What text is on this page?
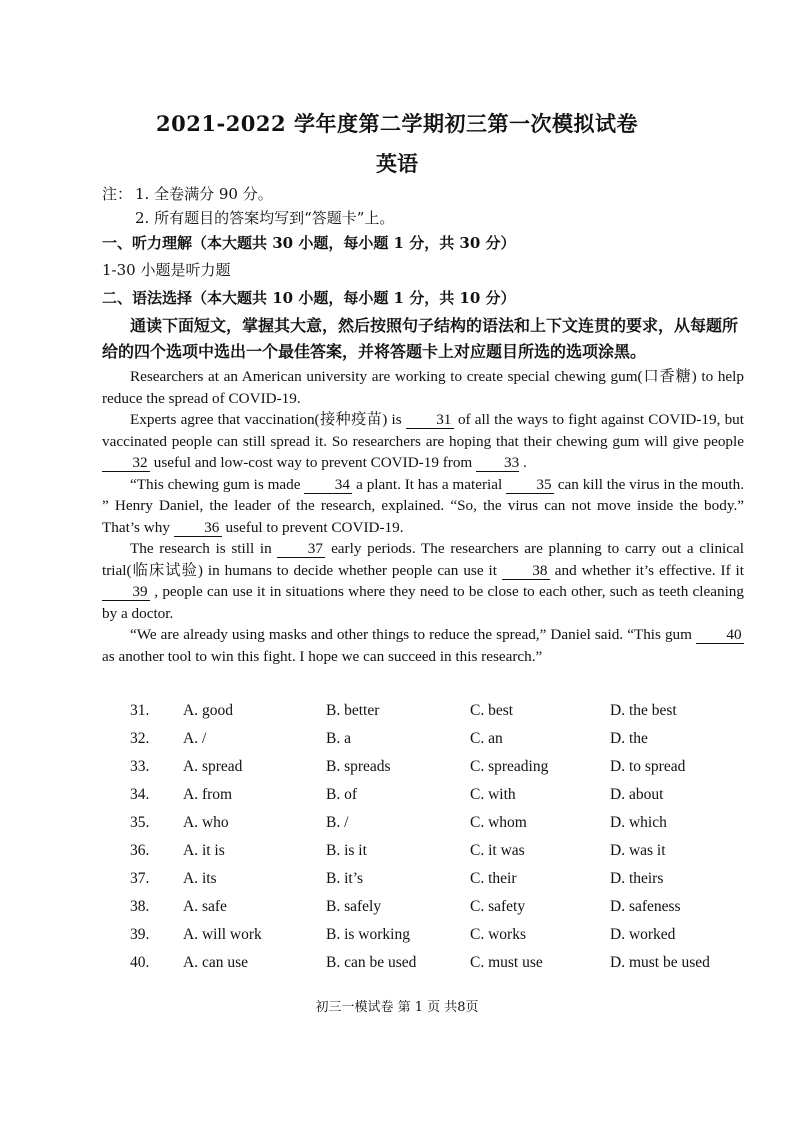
2021-2022 学年度第二学期初三第一次模拟试卷
英语
注： 1. 全卷满分 90 分。
2. 所有题目的答案均写到“答题卡”上。
一、听力理解（本大题共 30 小题，每小题 1 分，共 30 分）
1-30 小题是听力题
二、语法选择（本大题共 10 小题，每小题 1 分，共 10 分）
通读下面短文，掌握其大意，然后按照句子结构的语法和上下文连贯的要求，从每题所给的四个选项中选出一个最佳答案，并将答题卡上对应题目所选的选项涂黑。

Researchers at an American university are working to create special chewing gum(口香糖) to help reduce the spread of COVID-19.

Experts agree that vaccination(接种疫苗) is 31 of all the ways to fight against COVID-19, but vaccinated people can still spread it. So researchers are hoping that their chewing gum will give people 32 useful and low-cost way to prevent COVID-19 from 33 .

“This chewing gum is made 34 a plant. It has a material 35 can kill the virus in the mouth. ” Henry Daniel, the leader of the research, explained. “So, the virus can not move inside the body.” That’s why 36 useful to prevent COVID-19.

The research is still in 37 early periods. The researchers are planning to carry out a clinical trial(临床试验) in humans to decide whether people can use it 38 and whether it’s effective. If it 39 , people can use it in situations where they need to be close to each other, such as teeth cleaning by a doctor.

“We are already using masks and other things to reduce the spread,” Daniel said. “This gum 40 as another tool to win this fight. I hope we can succeed in this research.”

31. A. good	B. better	C. best	D. the best
32. A. /	B. a	C. an	D. the
33. A. spread	B. spreads	C. spreading	D. to spread
34. A. from	B. of	C. with	D. about
35. A. who	B. /	C. whom	D. which
36. A. it is	B. is it	C. it was	D. was it
37. A. its	B. it’s	C. their	D. theirs
38. A. safe	B. safely	C. safety	D. safeness
39. A. will work	B. is working	C. works	D. worked
40. A. can use	B. can be used	C. must use	D. must be used
初三一模试卷 第 1 页 共8页
